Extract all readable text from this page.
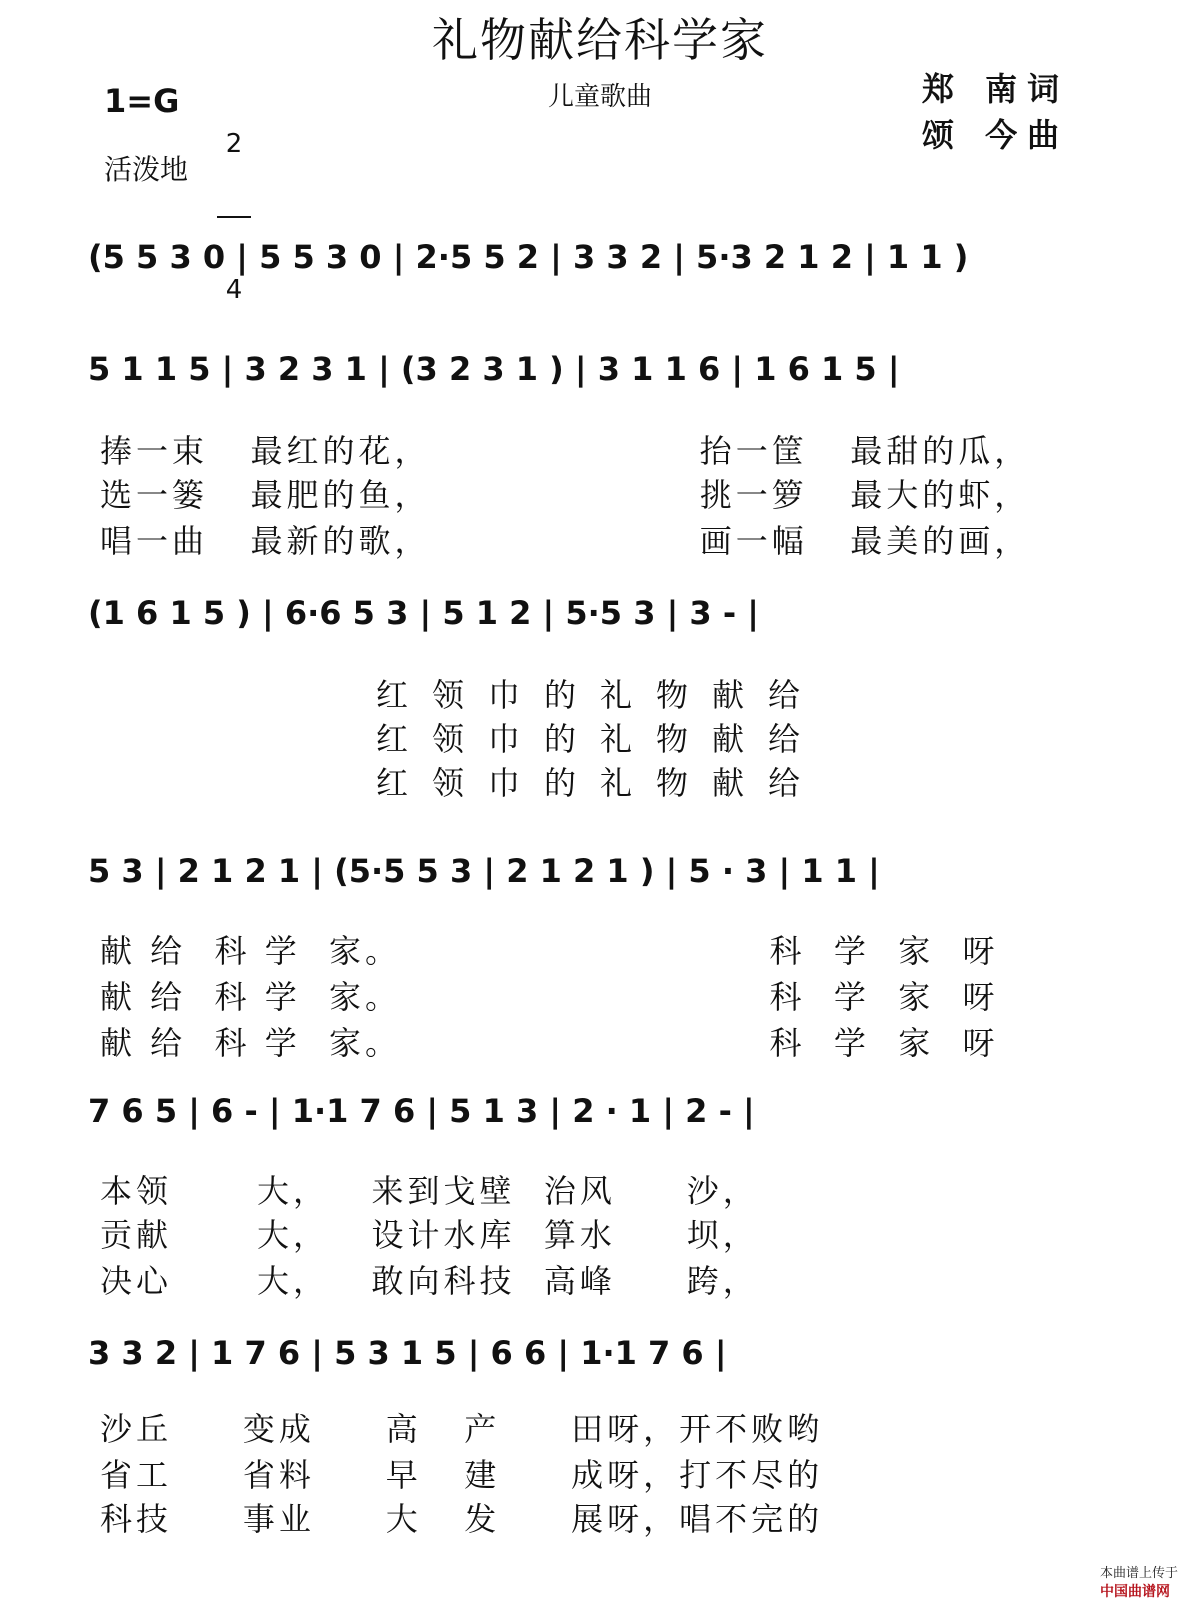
礼物献给科学家
儿童歌曲	郑 南词
颂 今曲
1=G

2

4

活泼地
(5 5 3 0 | 5 5 3 0 | 2·5 5 2 | 3 3 2 | 5·3 2 1 2 | 1 1 )
5 1 1 5 | 3 2 3 1 | (3 2 3 1 ) | 3 1 1 6 | 1 6 1 5 |
捧一束   最红的花，                   抬一筐   最甜的瓜，
选一篓   最肥的鱼，                   挑一箩   最大的虾，
唱一曲   最新的歌，                   画一幅   最美的画，
(1 6 1 5 ) | 6·6 5 3 | 5 1 2 | 5·5 3 | 3 - |
红领巾的礼物献给
红领巾的礼物献给
红领巾的礼物献给
5 3 | 2 1 2 1 | (5·5 5 3 | 2 1 2 1 ) | 5 · 3 | 1 1 |
献 给  科 学  家。                          科  学  家  呀
献 给  科 学  家。                          科  学  家  呀
献 给  科 学  家。                          科  学  家  呀
7 6 5 | 6 - | 1·1 7 6 | 5 1 3 | 2 · 1 | 2 - |
本领      大，   来到戈壁  治风     沙，
贡献      大，   设计水库  算水     坝，
决心      大，   敢向科技  高峰     跨，
3 3 2 | 1 7 6 | 5 3 1 5 | 6 6 | 1·1 7 6 |
沙丘     变成     高   产     田呀，开不败哟
省工     省料     早   建     成呀，打不尽的
科技     事业     大   发     展呀，唱不完的

本曲谱上传于
中国曲谱网
